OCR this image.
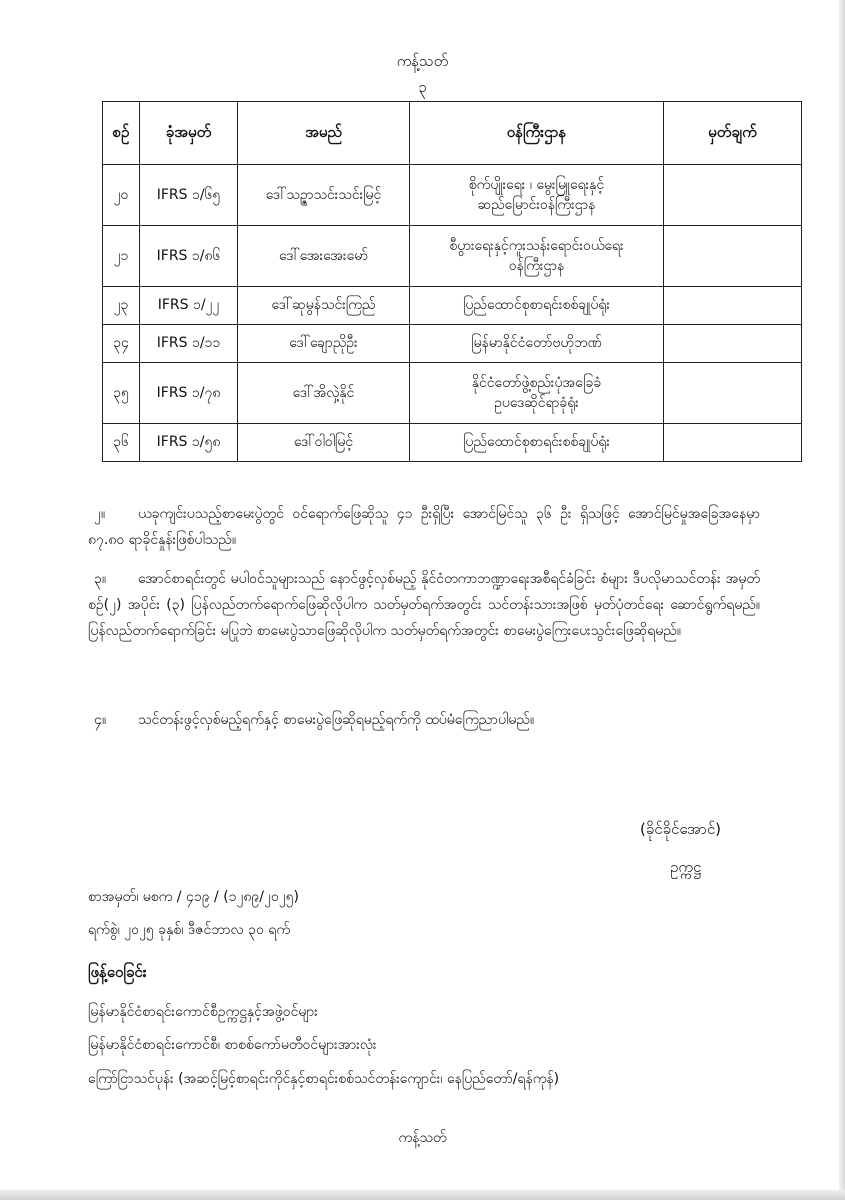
ကန့်သတ်
၃
စဉ်	ခုံအမှတ်	အမည်	ဝန်ကြီးဌာန	မှတ်ချက်
၂၀	IFRS ၁/၆၅	ဒေါ်သဉ္ဇာသင်းသင်းမြင့်	စိုက်ပျိုးရေး ၊ မွေးမြူရေးနှင့်
ဆည်မြောင်းဝန်ကြီးဌာန	
၂၁	IFRS ၁/၈၆	ဒေါ်အေးအေးမော်	စီပွားရေးနှင့်ကူးသန်းရောင်းဝယ်ရေး
ဝန်ကြီးဌာန	
၂၃	IFRS ၁/၂၂	ဒေါ်ဆုမွန်သင်းကြည်	ပြည်ထောင်စုစာရင်းစစ်ချုပ်ရုံး	
၃၄	IFRS ၁/၁၁	ဒေါ်ချောညိုဦး	မြန်မာနိုင်ငံတော်ဗဟိုဘဏ်	
၃၅	IFRS ၁/၇၈	ဒေါ်အိလှဲ့နိုင်	နိုင်ငံတော်ဖွဲ့စည်းပုံအခြေခံ
ဥပဒေဆိုင်ရာခုံရုံး	
၃၆	IFRS ၁/၅၈	ဒေါ်ဝါဝါမြင့်	ပြည်ထောင်စုစာရင်းစစ်ချုပ်ရုံး	
၂။ ယခုကျင်းပသည့်စာမေးပွဲတွင် ဝင်ရောက်ဖြေဆိုသူ ၄၁ ဦးရှိပြီး အောင်မြင်သူ ၃၆ ဦး ရှိသဖြင့် အောင်မြင်မှုအခြေအနေမှာ ၈၇.၈၀ ရာခိုင်နှုန်းဖြစ်ပါသည်။
၃။ အောင်စာရင်းတွင် မပါဝင်သူများသည် နောင်ဖွင့်လှစ်မည့် နိုင်ငံတကာဘဏ္ဍာရေးအစီရင်ခံခြင်း စံများ ဒီပလိုမာသင်တန်း အမှတ်စဉ်(၂) အပိုင်း (၃) ပြန်လည်တက်ရောက်ဖြေဆိုလိုပါက သတ်မှတ်ရက်အတွင်း သင်တန်းသားအဖြစ် မှတ်ပုံတင်ရေး ဆောင်ရွက်ရမည်။ ပြန်လည်တက်ရောက်ခြင်း မပြုဘဲ စာမေးပွဲသာဖြေဆိုလိုပါက သတ်မှတ်ရက်အတွင်း စာမေးပွဲကြေးပေးသွင်းဖြေဆိုရမည်။
၄။ သင်တန်းဖွင့်လှစ်မည့်ရက်နှင့် စာမေးပွဲဖြေဆိုရမည့်ရက်ကို ထပ်မံကြေညာပါမည်။
(ခိုင်ခိုင်အောင်)
ဥက္ကဋ္ဌ
စာအမှတ်၊ မစက / ၄၁၉ / (၁၂၈၉/၂၀၂၅)
ရက်စွဲ၊ ၂၀၂၅ ခုနှစ်၊ ဒီဇင်ဘာလ ၃၀ ရက်
ဖြန့်ဝေခြင်း
မြန်မာနိုင်ငံစာရင်းကောင်စီဥက္ကဋ္ဌနှင့်အဖွဲ့ဝင်များ
မြန်မာနိုင်ငံစာရင်းကောင်စီ၊ စာစစ်ကော်မတီဝင်များအားလုံး
ကြော်ငြာသင်ပုန်း (အဆင့်မြင့်စာရင်းကိုင်နှင့်စာရင်းစစ်သင်တန်းကျောင်း၊ နေပြည်တော်/ရန်ကုန်)
ကန့်သတ်
